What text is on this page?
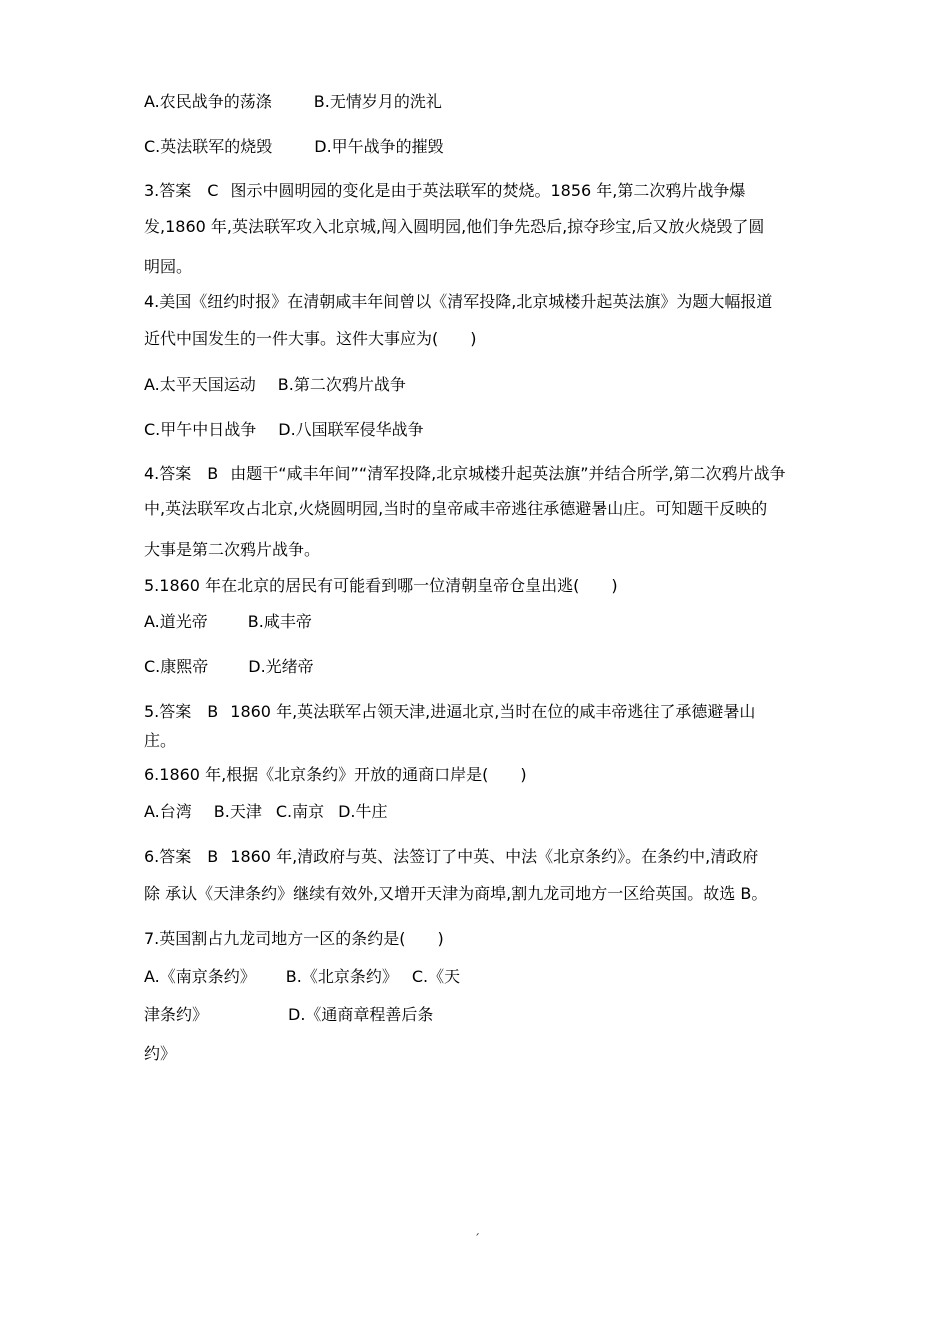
A.农民战争的荡涤	B.无情岁月的洗礼
C.英法联军的烧毁	D.甲午战争的摧毁
3.答案 C 图示中圆明园的变化是由于英法联军的焚烧。1856 年,第二次鸦片战争爆
发,1860 年,英法联军攻入北京城,闯入圆明园,他们争先恐后,掠夺珍宝,后又放火烧毁了圆
明园。
4.美国《纽约时报》在清朝咸丰年间曾以《清军投降,北京城楼升起英法旗》为题大幅报道
近代中国发生的一件大事。这件大事应为(　　)
A.太平天国运动 B.第二次鸦片战争
C.甲午中日战争 D.八国联军侵华战争
4.答案 B 由题干“咸丰年间”“清军投降,北京城楼升起英法旗”并结合所学,第二次鸦片战争
中,英法联军攻占北京,火烧圆明园,当时的皇帝咸丰帝逃往承德避暑山庄。可知题干反映的
大事是第二次鸦片战争。
5.1860 年在北京的居民有可能看到哪一位清朝皇帝仓皇出逃(　　)
A.道光帝	B.咸丰帝
C.康熙帝	D.光绪帝
5.答案 B 1860 年,英法联军占领天津,进逼北京,当时在位的咸丰帝逃往了承德避暑山
庄。
6.1860 年,根据《北京条约》开放的通商口岸是(　　)
A.台湾 B.天津 C.南京 D.牛庄
6.答案 B 1860 年,清政府与英、法签订了中英、中法《北京条约》。在条约中,清政府
除 承认《天津条约》继续有效外,又增开天津为商埠,割九龙司地方一区给英国。故选 B。
7.英国割占九龙司地方一区的条约是(　　)
A.《南京条约》 B.《北京条约》 C.《天
津条约》	D.《通商章程善后条
约》
ˊ
